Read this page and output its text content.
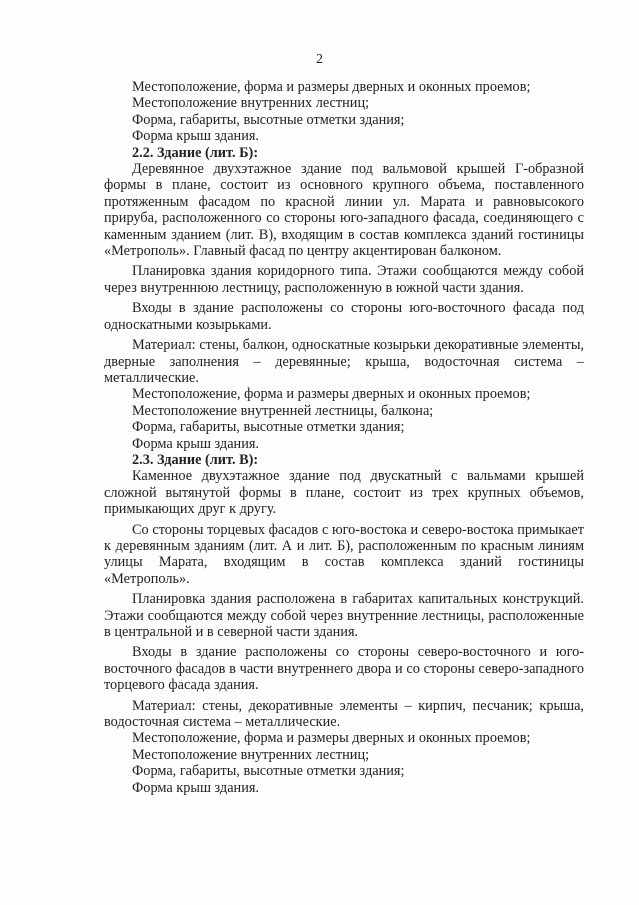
2

Местоположение, форма и размеры дверных и оконных проемов;

Местоположение внутренних лестниц;

Форма, габариты, высотные отметки здания;

Форма крыш здания.

2.2. Здание (лит. Б):

Деревянное двухэтажное здание под вальмовой крышей Г-образной формы в плане, состоит из основного крупного объема, поставленного протяженным фасадом по красной линии ул. Марата и равновысокого прируба, расположенного со стороны юго-западного фасада, соединяющего с каменным зданием (лит. В), входящим в состав комплекса зданий гостиницы «Метрополь». Главный фасад по центру акцентирован балконом.

Планировка здания коридорного типа. Этажи сообщаются между собой через внутреннюю лестницу, расположенную в южной части здания.

Входы в здание расположены со стороны юго-восточного фасада под односкатными козырьками.

Материал: стены, балкон, односкатные козырьки декоративные элементы, дверные заполнения – деревянные; крыша, водосточная система – металлические.

Местоположение, форма и размеры дверных и оконных проемов;

Местоположение внутренней лестницы, балкона;

Форма, габариты, высотные отметки здания;

Форма крыш здания.

2.3. Здание (лит. В):

Каменное двухэтажное здание под двускатный с вальмами крышей сложной вытянутой формы в плане, состоит из трех крупных объемов, примыкающих друг к другу.

Со стороны торцевых фасадов с юго-востока и северо-востока примыкает к деревянным зданиям (лит. А и лит. Б), расположенным по красным линиям улицы Марата, входящим в состав комплекса зданий гостиницы «Метрополь».

Планировка здания расположена в габаритах капитальных конструкций. Этажи сообщаются между собой через внутренние лестницы, расположенные в центральной и в северной части здания.

Входы в здание расположены со стороны северо-восточного и юго-восточного фасадов в части внутреннего двора и со стороны северо-западного торцевого фасада здания.

Материал: стены, декоративные элементы – кирпич, песчаник; крыша, водосточная система – металлические.

Местоположение, форма и размеры дверных и оконных проемов;

Местоположение внутренних лестниц;

Форма, габариты, высотные отметки здания;

Форма крыш здания.
